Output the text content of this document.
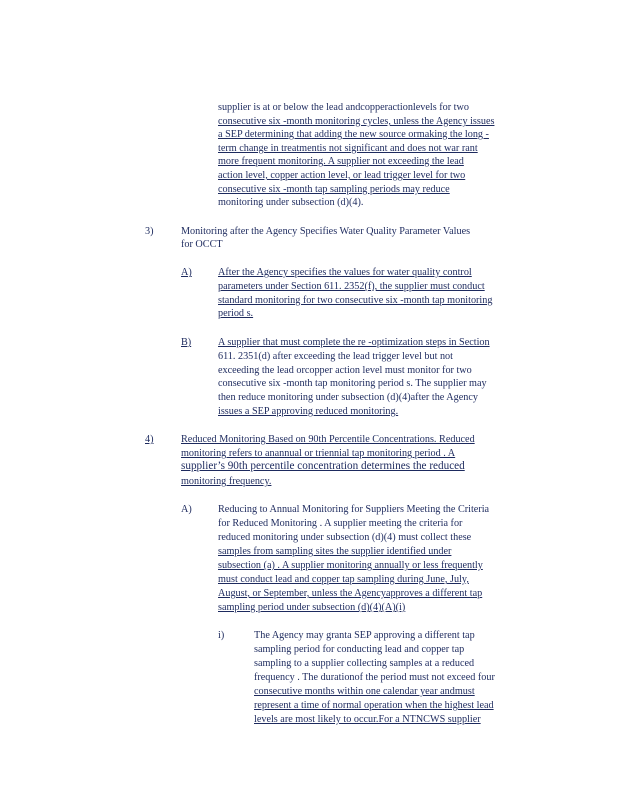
supplier is at or below the lead andcopperactionlevels for two
consecutive six -month monitoring cycles, unless the Agency issues
a SEP determining that adding the new source ormaking the long -
term change in treatmentis not significant and does not war rant
more frequent monitoring. A supplier not exceeding the lead
action level, copper action level, or lead trigger level for two
consecutive six -month tap sampling periods may reduce
monitoring under subsection (d)(4).
3)	Monitoring after the Agency Specifies Water Quality Parameter Values
for OCCT
A)	After the Agency specifies the values for water quality control
parameters under Section 611. 2352(f), the supplier must conduct
standard monitoring for two consecutive six -month tap monitoring
period s.
B)	A supplier that must complete the re -optimization steps in Section
611. 2351(d) after exceeding the lead trigger level but not
exceeding the lead orcopper action level must monitor for two
consecutive six -month tap monitoring period s. The supplier may
then reduce monitoring under subsection (d)(4)after the Agency
issues a SEP approving reduced monitoring.
4)	Reduced Monitoring Based on 90th Percentile Concentrations. Reduced
monitoring refers to anannual or triennial tap monitoring period . A
supplier’s 90th percentile concentration determines the reduced
monitoring frequency.
A)	Reducing to Annual Monitoring for Suppliers Meeting the Criteria
for Reduced Monitoring . A supplier meeting the criteria for
reduced monitoring under subsection (d)(4) must collect these
samples from sampling sites the supplier identified under
subsection (a) . A supplier monitoring annually or less frequently
must conduct lead and copper tap sampling during June, July,
August, or September, unless the Agencyapproves a different tap
sampling period under subsection (d)(4)(A)(i)
i)	The Agency may granta SEP approving a different tap
sampling period for conducting lead and copper tap
sampling to a supplier collecting samples at a reduced
frequency . The durationof the period must not exceed four
consecutive months within one calendar year andmust
represent a time of normal operation when the highest lead
levels are most likely to occur.For a NTNCWS supplier
